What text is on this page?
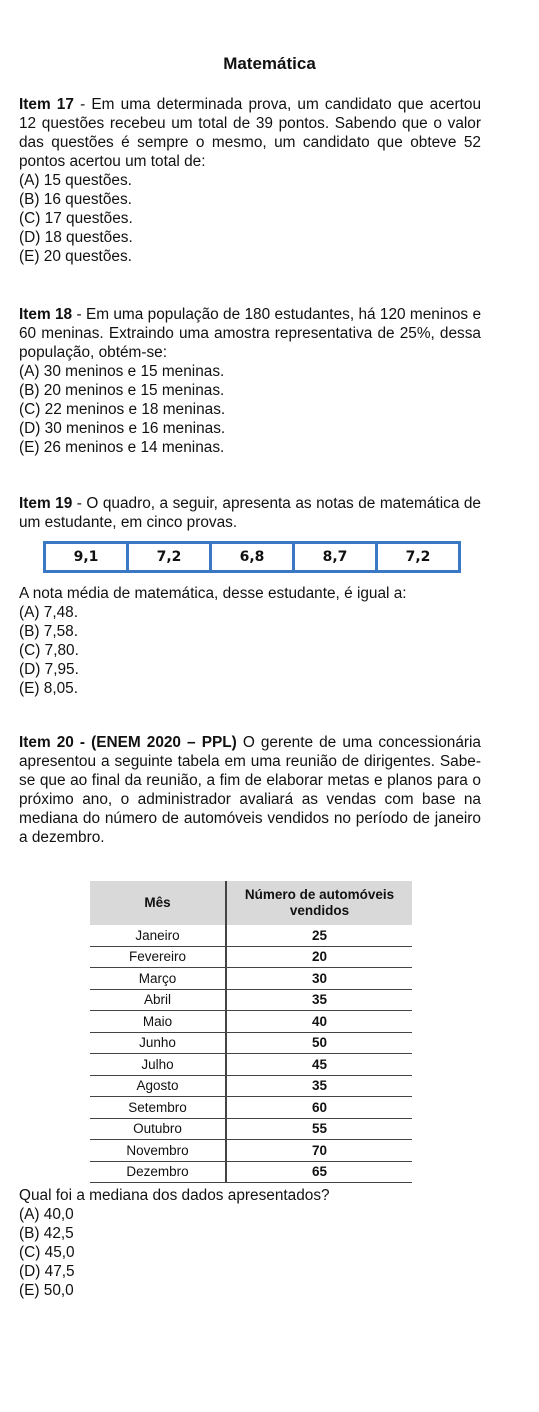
Matemática

Item 17 - Em uma determinada prova, um candidato que acertou 12 questões recebeu um total de 39 pontos. Sabendo que o valor das questões é sempre o mesmo, um candidato que obteve 52 pontos acertou um total de:

(A) 15 questões.
(B) 16 questões.
(C) 17 questões.
(D) 18 questões.
(E) 20 questões.

Item 18 - Em uma população de 180 estudantes, há 120 meninos e 60 meninas. Extraindo uma amostra representativa de 25%, dessa população, obtém-se:

(A) 30 meninos e 15 meninas.
(B) 20 meninos e 15 meninas.
(C) 22 meninos e 18 meninas.
(D) 30 meninos e 16 meninas.
(E) 26 meninos e 14 meninas.

Item 19 - O quadro, a seguir, apresenta as notas de matemática de um estudante, em cinco provas.

9,1	7,2	6,8	8,7	7,2

A nota média de matemática, desse estudante, é igual a:

(A) 7,48.
(B) 7,58.
(C) 7,80.
(D) 7,95.
(E) 8,05.

Item 20 - (ENEM 2020 – PPL) O gerente de uma concessionária apresentou a seguinte tabela em uma reunião de dirigentes. Sabe-se que ao final da reunião, a fim de elaborar metas e planos para o próximo ano, o administrador avaliará as vendas com base na mediana do número de automóveis vendidos no período de janeiro a dezembro.

Mês	Número de automóveis vendidos
Janeiro	25
Fevereiro	20
Março	30
Abril	35
Maio	40
Junho	50
Julho	45
Agosto	35
Setembro	60
Outubro	55
Novembro	70
Dezembro	65

Qual foi a mediana dos dados apresentados?

(A) 40,0
(B) 42,5
(C) 45,0
(D) 47,5
(E) 50,0
